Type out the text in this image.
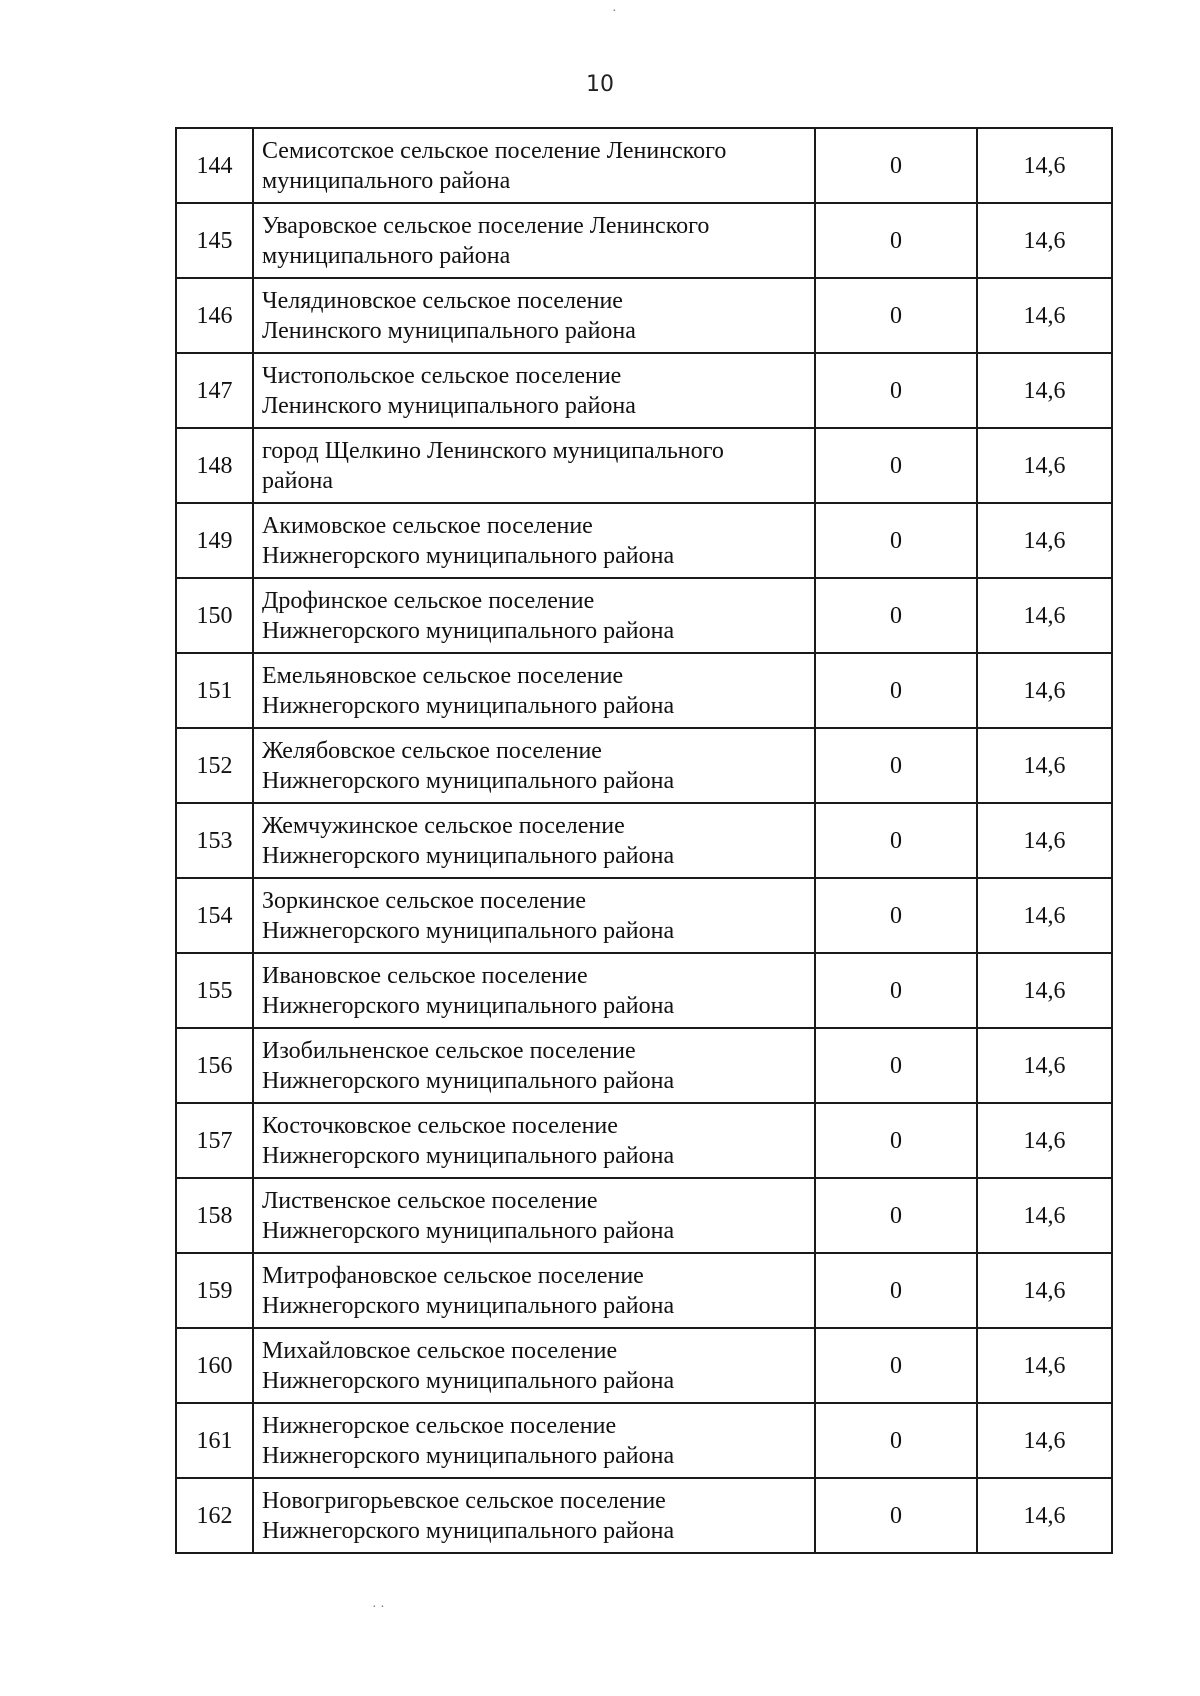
10
144	Семисотское сельское поселение Ленинского
муниципального района	0	14,6
145	Уваровское сельское поселение Ленинского
муниципального района	0	14,6
146	Челядиновское сельское поселение
Ленинского муниципального района	0	14,6
147	Чистопольское сельское поселение
Ленинского муниципального района	0	14,6
148	город Щелкино Ленинского муниципального
района	0	14,6
149	Акимовское сельское поселение
Нижнегорского муниципального района	0	14,6
150	Дрофинское сельское поселение
Нижнегорского муниципального района	0	14,6
151	Емельяновское сельское поселение
Нижнегорского муниципального района	0	14,6
152	Желябовское сельское поселение
Нижнегорского муниципального района	0	14,6
153	Жемчужинское сельское поселение
Нижнегорского муниципального района	0	14,6
154	Зоркинское сельское поселение
Нижнегорского муниципального района	0	14,6
155	Ивановское сельское поселение
Нижнегорского муниципального района	0	14,6
156	Изобильненское сельское поселение
Нижнегорского муниципального района	0	14,6
157	Косточковское сельское поселение
Нижнегорского муниципального района	0	14,6
158	Лиственское сельское поселение
Нижнегорского муниципального района	0	14,6
159	Митрофановское сельское поселение
Нижнегорского муниципального района	0	14,6
160	Михайловское сельское поселение
Нижнегорского муниципального района	0	14,6
161	Нижнегорское сельское поселение
Нижнегорского муниципального района	0	14,6
162	Новогригорьевское сельское поселение
Нижнегорского муниципального района	0	14,6
·
· ·
